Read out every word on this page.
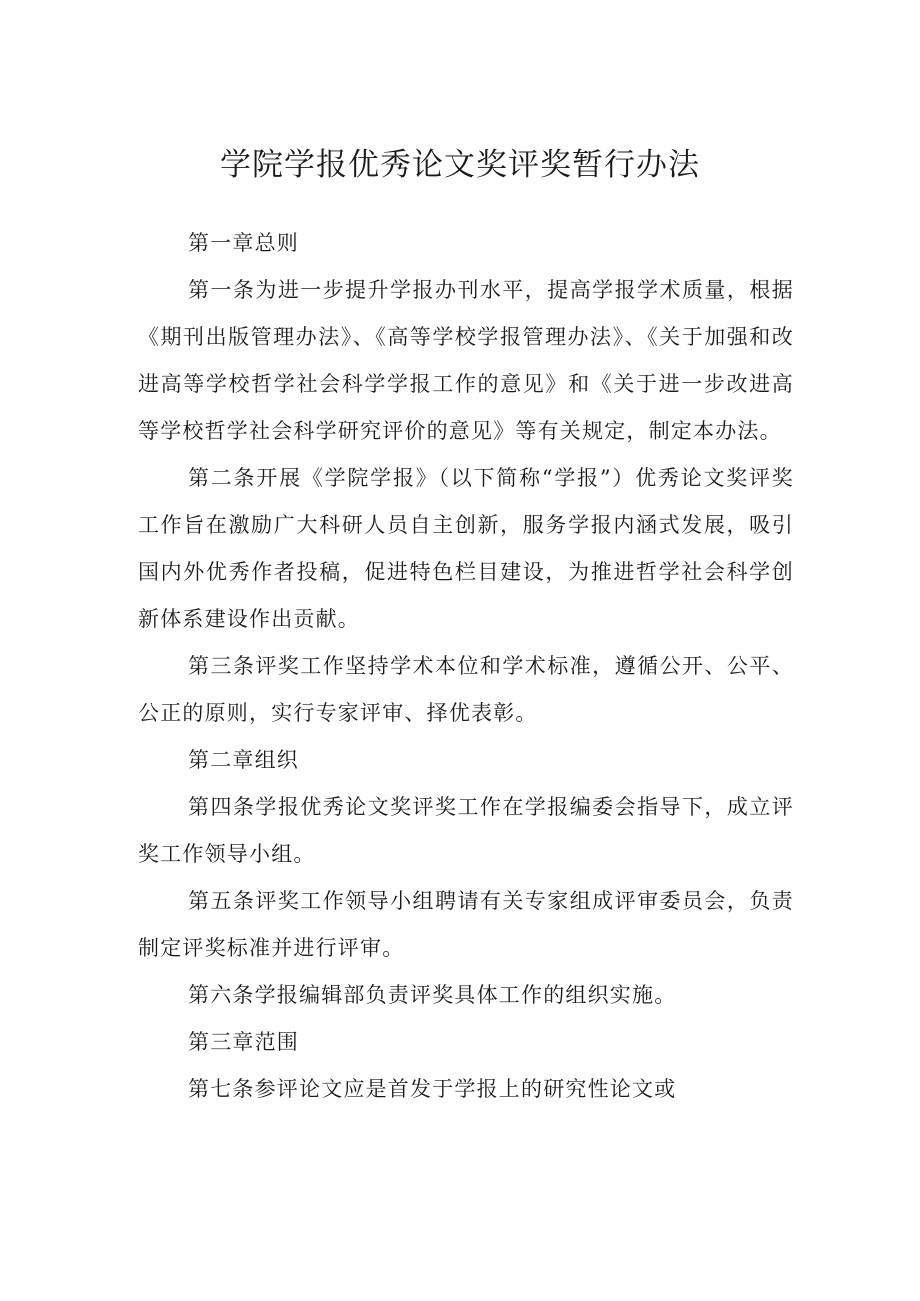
学院学报优秀论文奖评奖暂行办法

第一章总则

第一条为进一步提升学报办刊水平，提高学报学术质量，根据《期刊出版管理办法》、《高等学校学报管理办法》、《关于加强和改进高等学校哲学社会科学学报工作的意见》和《关于进一步改进高等学校哲学社会科学研究评价的意见》等有关规定，制定本办法。

第二条开展《学院学报》（以下简称“学报”）优秀论文奖评奖工作旨在激励广大科研人员自主创新，服务学报内涵式发展，吸引国内外优秀作者投稿，促进特色栏目建设，为推进哲学社会科学创新体系建设作出贡献。

第三条评奖工作坚持学术本位和学术标准，遵循公开、公平、公正的原则，实行专家评审、择优表彰。

第二章组织

第四条学报优秀论文奖评奖工作在学报编委会指导下，成立评奖工作领导小组。

第五条评奖工作领导小组聘请有关专家组成评审委员会，负责制定评奖标准并进行评审。

第六条学报编辑部负责评奖具体工作的组织实施。

第三章范围

第七条参评论文应是首发于学报上的研究性论文或
